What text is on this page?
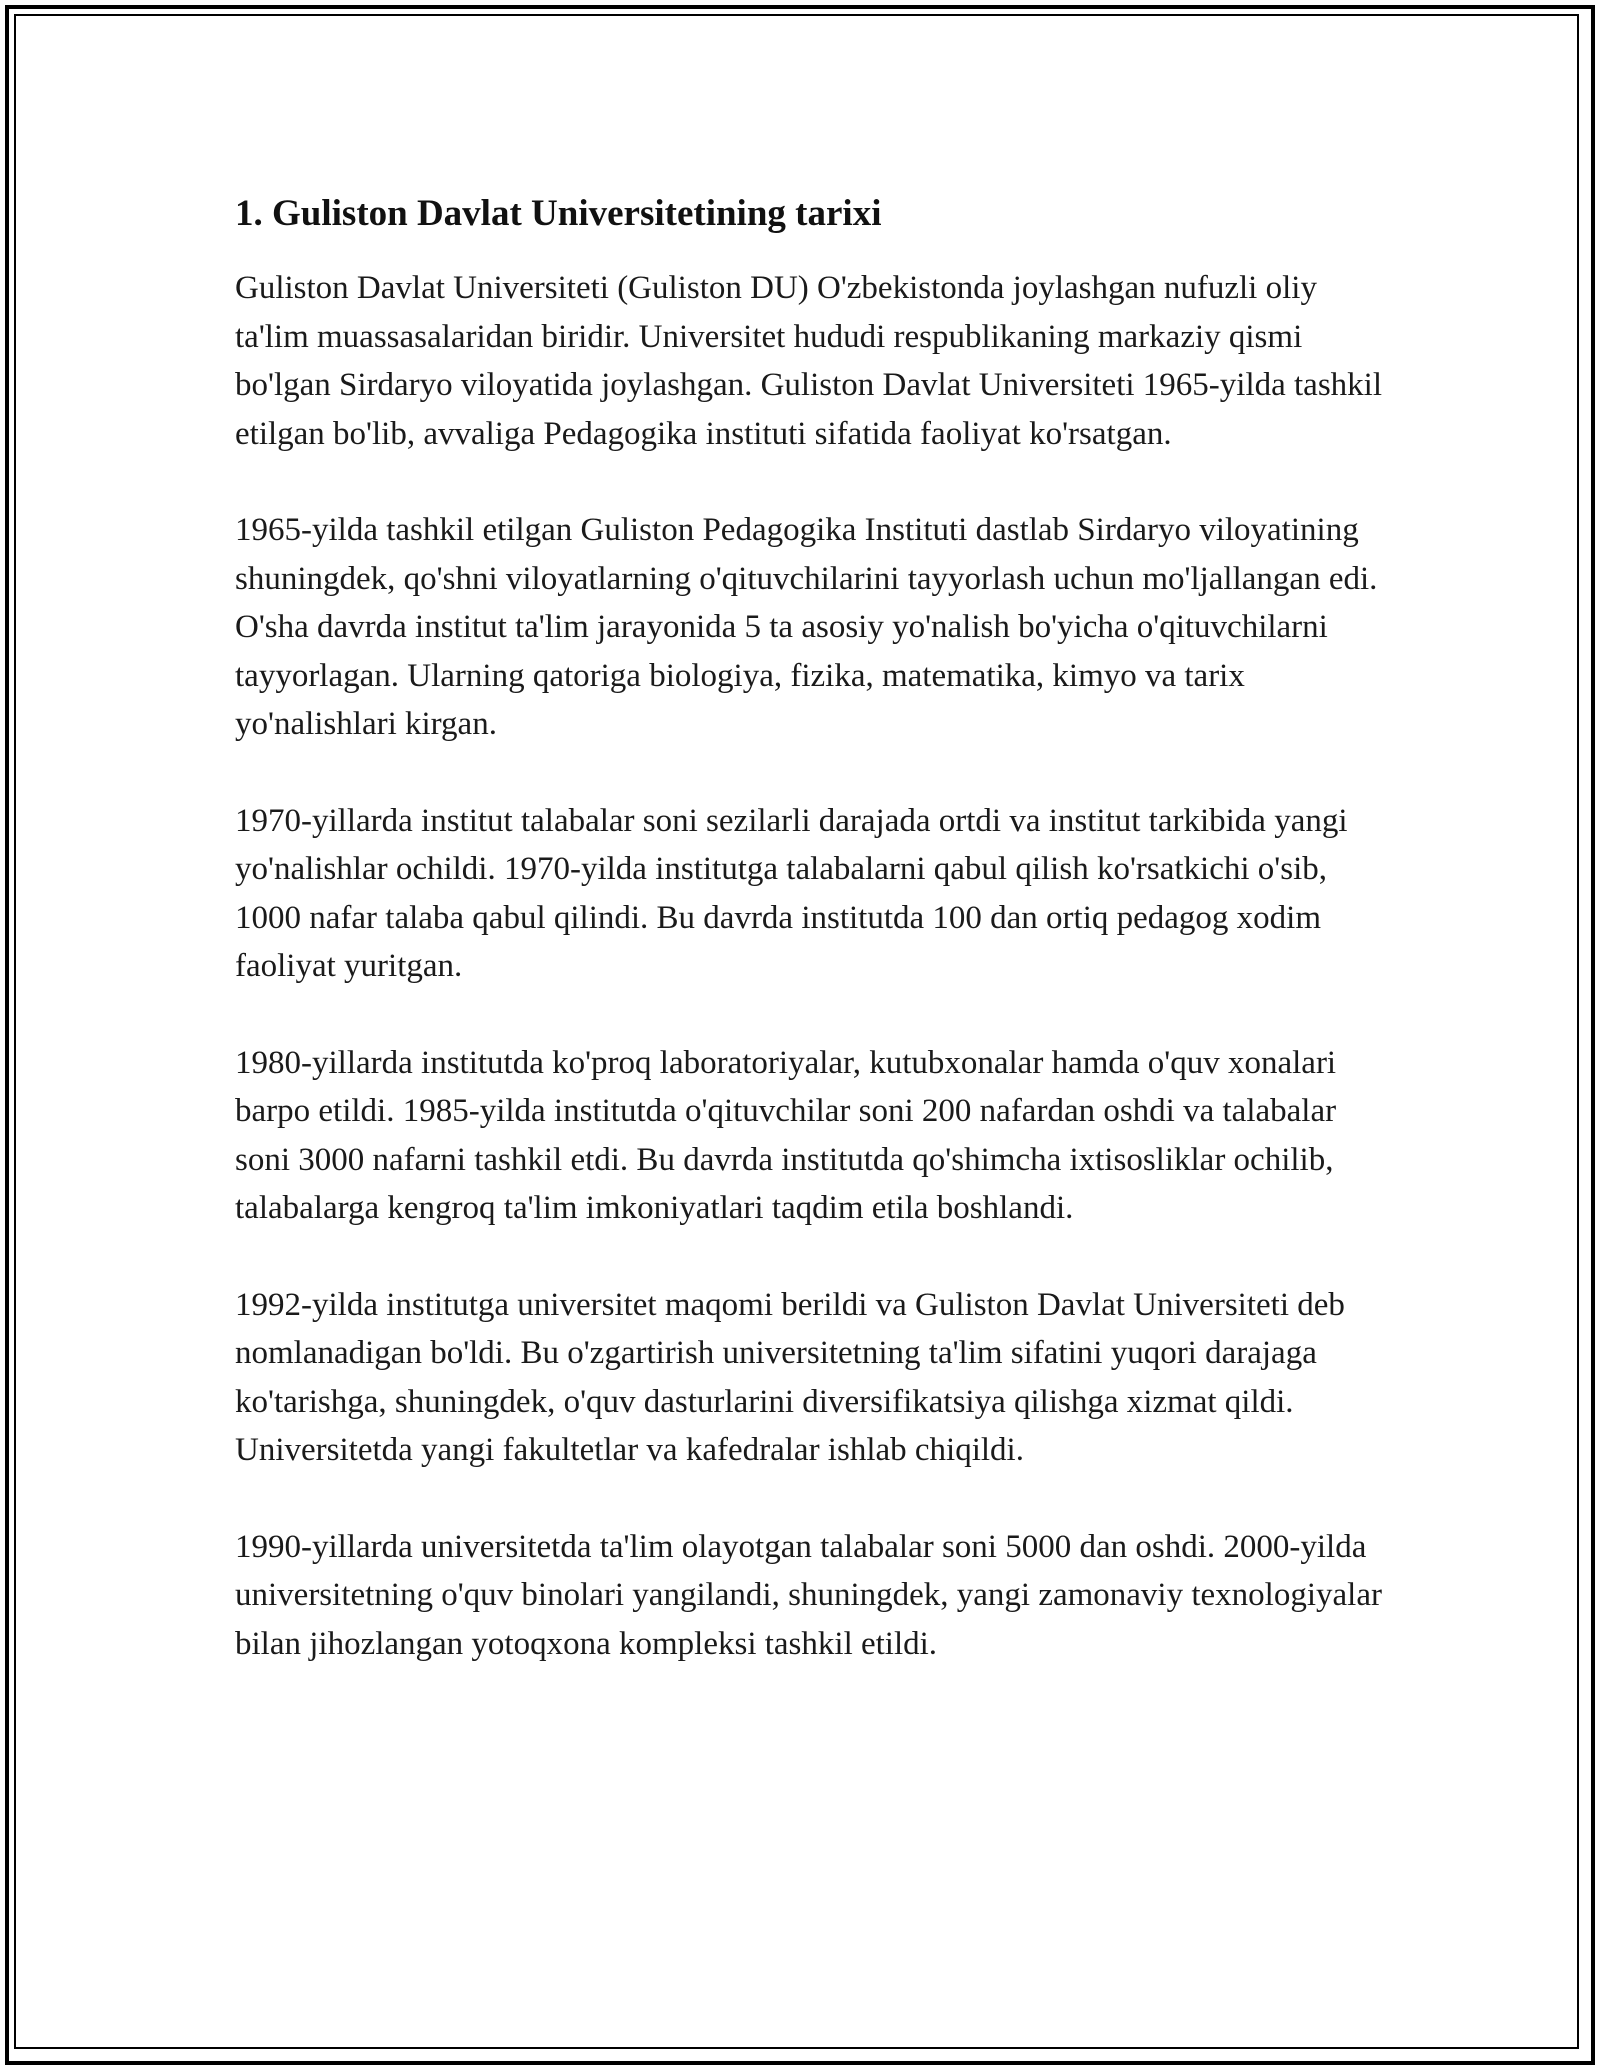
1. Guliston Davlat Universitetining tarixi

Guliston Davlat Universiteti (Guliston DU) O'zbekistonda joylashgan nufuzli oliy ta'lim muassasalaridan biridir. Universitet hududi respublikaning markaziy qismi bo'lgan Sirdaryo viloyatida joylashgan. Guliston Davlat Universiteti 1965-yilda tashkil etilgan bo'lib, avvaliga Pedagogika instituti sifatida faoliyat ko'rsatgan.

1965-yilda tashkil etilgan Guliston Pedagogika Instituti dastlab Sirdaryo viloyatining shuningdek, qo'shni viloyatlarning o'qituvchilarini tayyorlash uchun mo'ljallangan edi. O'sha davrda institut ta'lim jarayonida 5 ta asosiy yo'nalish bo'yicha o'qituvchilarni tayyorlagan. Ularning qatoriga biologiya, fizika, matematika, kimyo va tarix yo'nalishlari kirgan.

1970-yillarda institut talabalar soni sezilarli darajada ortdi va institut tarkibida yangi yo'nalishlar ochildi. 1970-yilda institutga talabalarni qabul qilish ko'rsatkichi o'sib, 1000 nafar talaba qabul qilindi. Bu davrda institutda 100 dan ortiq pedagog xodim faoliyat yuritgan.

1980-yillarda institutda ko'proq laboratoriyalar, kutubxonalar hamda o'quv xonalari barpo etildi. 1985-yilda institutda o'qituvchilar soni 200 nafardan oshdi va talabalar soni 3000 nafarni tashkil etdi. Bu davrda institutda qo'shimcha ixtisosliklar ochilib, talabalarga kengroq ta'lim imkoniyatlari taqdim etila boshlandi.

1992-yilda institutga universitet maqomi berildi va Guliston Davlat Universiteti deb nomlanadigan bo'ldi. Bu o'zgartirish universitetning ta'lim sifatini yuqori darajaga ko'tarishga, shuningdek, o'quv dasturlarini diversifikatsiya qilishga xizmat qildi. Universitetda yangi fakultetlar va kafedralar ishlab chiqildi.

1990-yillarda universitetda ta'lim olayotgan talabalar soni 5000 dan oshdi. 2000-yilda universitetning o'quv binolari yangilandi, shuningdek, yangi zamonaviy texnologiyalar bilan jihozlangan yotoqxona kompleksi tashkil etildi.
